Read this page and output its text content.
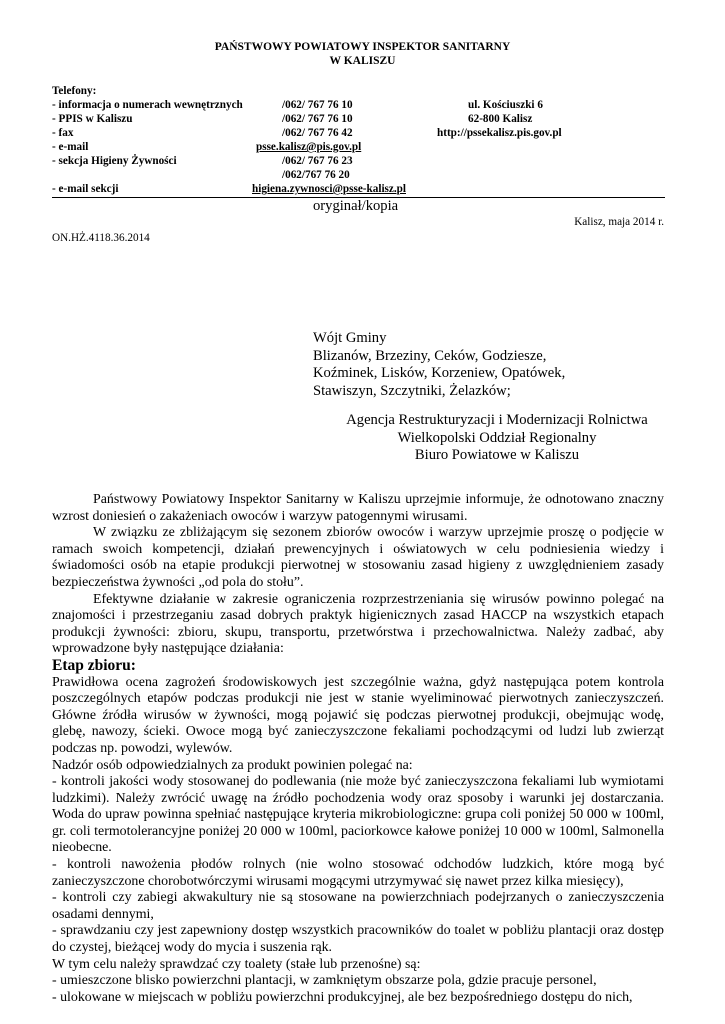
PAŃSTWOWY POWIATOWY INSPEKTOR SANITARNY
W KALISZU
Telefony:
- informacja o numerach wewnętrznych	/062/ 767 76 10	ul. Kościuszki 6
- PPIS w Kaliszu	/062/ 767 76 10	62-800 Kalisz
- fax	/062/ 767 76 42	http://pssekalisz.pis.gov.pl
- e-mail	psse.kalisz@pis.gov.pl
- sekcja Higieny Żywności	/062/ 767 76 23
/062/767 76 20
- e-mail sekcji	higiena.zywnosci@psse-kalisz.pl
oryginał/kopia
Kalisz, maja 2014 r.
ON.HŻ.4118.36.2014
Wójt Gminy
Blizanów, Brzeziny, Ceków, Godziesze,
Koźminek, Lisków, Korzeniew, Opatówek,
Stawiszyn, Szczytniki, Żelazków;
Agencja Restrukturyzacji i Modernizacji Rolnictwa
Wielkopolski Oddział Regionalny
Biuro Powiatowe w Kaliszu

Państwowy Powiatowy Inspektor Sanitarny w Kaliszu uprzejmie informuje, że odnotowano znaczny wzrost doniesień o zakażeniach owoców i warzyw patogennymi wirusami.

W związku ze zbliżającym się sezonem zbiorów owoców i warzyw uprzejmie proszę o podjęcie w ramach swoich kompetencji, działań prewencyjnych i oświatowych w celu podniesienia wiedzy i świadomości osób na etapie produkcji pierwotnej w stosowaniu zasad higieny z uwzględnieniem zasady bezpieczeństwa żywności „od pola do stołu”.

Efektywne działanie w zakresie ograniczenia rozprzestrzeniania się wirusów powinno polegać na znajomości i przestrzeganiu zasad dobrych praktyk higienicznych zasad HACCP na wszystkich etapach produkcji żywności: zbioru, skupu, transportu, przetwórstwa i przechowalnictwa. Należy zadbać, aby wprowadzone były następujące działania:

Etap zbioru:

Prawidłowa ocena zagrożeń środowiskowych jest szczególnie ważna, gdyż następująca potem kontrola poszczególnych etapów podczas produkcji nie jest w stanie wyeliminować pierwotnych zanieczyszczeń. Główne źródła wirusów w żywności, mogą pojawić się podczas pierwotnej produkcji, obejmując wodę, glebę, nawozy, ścieki. Owoce mogą być zanieczyszczone fekaliami pochodzącymi od ludzi lub zwierząt podczas np. powodzi, wylewów.

Nadzór osób odpowiedzialnych za produkt powinien polegać na:

- kontroli jakości wody stosowanej do podlewania (nie może być zanieczyszczona fekaliami lub wymiotami ludzkimi). Należy zwrócić uwagę na źródło pochodzenia wody oraz sposoby i warunki jej dostarczania. Woda do upraw powinna spełniać następujące kryteria mikrobiologiczne: grupa coli poniżej 50 000 w 100ml, gr. coli termotolerancyjne poniżej 20 000 w 100ml, paciorkowce kałowe poniżej 10 000 w 100ml, Salmonella nieobecne.

- kontroli nawożenia płodów rolnych (nie wolno stosować odchodów ludzkich, które mogą być zanieczyszczone chorobotwórczymi wirusami mogącymi utrzymywać się nawet przez kilka miesięcy),

- kontroli czy zabiegi akwakultury nie są stosowane na powierzchniach podejrzanych o zanieczyszczenia osadami dennymi,

- sprawdzaniu czy jest zapewniony dostęp wszystkich pracowników do toalet w pobliżu plantacji oraz dostęp do czystej, bieżącej wody do mycia i suszenia rąk.

W tym celu należy sprawdzać czy toalety (stałe lub przenośne) są:

- umieszczone blisko powierzchni plantacji, w zamkniętym obszarze pola, gdzie pracuje personel,

- ulokowane w miejscach w pobliżu powierzchni produkcyjnej, ale bez bezpośredniego dostępu do nich,
